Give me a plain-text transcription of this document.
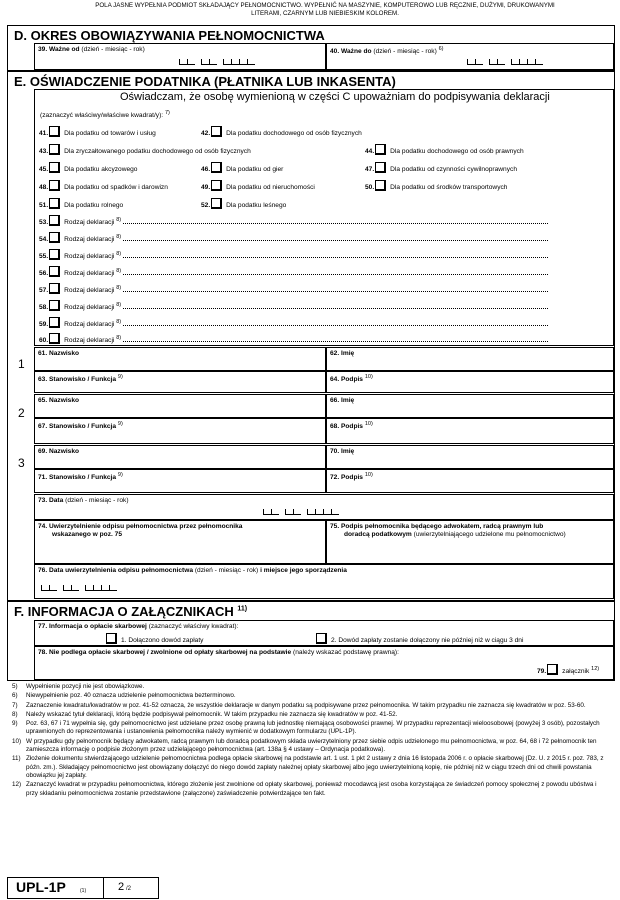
POLA JASNE WYPEŁNIA PODMIOT SKŁADAJĄCY PEŁNOMOCNICTWO. WYPEŁNIĆ NA MASZYNIE, KOMPUTEROWO LUB RĘCZNIE, DUŻYMI, DRUKOWANYMI LITERAMI, CZARNYM LUB NIEBIESKIM KOLOREM.
D. OKRES OBOWIĄZYWANIA PEŁNOMOCNICTWA
39. Ważne od (dzień - miesiąc - rok)	40. Ważne do (dzień - miesiąc - rok) $^{6)}$
E. OŚWIADCZENIE PODATNIKA (PŁATNIKA LUB INKASENTA)
Oświadczam, że osobę wymienioną w części C upoważniam do podpisywania deklaracji
(zaznaczyć właściwy/właściwe kwadrat/y): $^{7)}$
41. Dla podatku od towarów i usług	42. Dla podatku dochodowego od osób fizycznych
43. Dla zryczałtowanego podatku dochodowego od osób fizycznych	44. Dla podatku dochodowego od osób prawnych
45. Dla podatku akcyzowego	46. Dla podatku od gier	47. Dla podatku od czynności cywilnoprawnych
48. Dla podatku od spadków i darowizn	49. Dla podatku od nieruchomości	50. Dla podatku od środków transportowych
51. Dla podatku rolnego	52. Dla podatku leśnego
53. Rodzaj deklaracji $^{8)}$
54. Rodzaj deklaracji $^{8)}$
55. Rodzaj deklaracji $^{8)}$
56. Rodzaj deklaracji $^{8)}$
57. Rodzaj deklaracji $^{8)}$
58. Rodzaj deklaracji $^{8)}$
59. Rodzaj deklaracji $^{8)}$
60. Rodzaj deklaracji $^{8)}$
1
61. Nazwisko	62. Imię
63. Stanowisko / Funkcja $^{9)}$	64. Podpis $^{10)}$
2
65. Nazwisko	66. Imię
67. Stanowisko / Funkcja $^{9)}$	68. Podpis $^{10)}$
3
69. Nazwisko	70. Imię
71. Stanowisko / Funkcja $^{9)}$	72. Podpis $^{10)}$
73. Data (dzień - miesiąc - rok)
74. Uwierzytelnienie odpisu pełnomocnictwa przez pełnomocnika
wskazanego w poz. 75
75. Podpis pełnomocnika będącego adwokatem, radcą prawnym lub
doradcą podatkowym (uwierzytelniającego udzielone mu pełnomocnictwo)
76. Data uwierzytelnienia odpisu pełnomocnictwa (dzień - miesiąc - rok) i miejsce jego sporządzenia
F. INFORMACJA O ZAŁĄCZNIKACH $^{11)}$
77. Informacja o opłacie skarbowej (zaznaczyć właściwy kwadrat):
1. Dołączono dowód zapłaty	2. Dowód zapłaty zostanie dołączony nie później niż w ciągu 3 dni
78. Nie podlega opłacie skarbowej / zwolnione od opłaty skarbowej na podstawie (należy wskazać podstawę prawną):
79. załącznik $^{12)}$
5) Wypełnienie pozycji nie jest obowiązkowe.
6) Niewypełnienie poz. 40 oznacza udzielenie pełnomocnictwa bezterminowo.
7) Zaznaczenie kwadratu/kwadratów w poz. 41-52 oznacza, że wszystkie deklaracje w danym podatku są podpisywane przez pełnomocnika. W takim przypadku nie zaznacza się kwadratów w poz. 53-60.
8) Należy wskazać tytuł deklaracji, którą będzie podpisywał pełnomocnik. W takim przypadku nie zaznacza się kwadratów w poz. 41-52.
9) Poz. 63, 67 i 71 wypełnia się, gdy pełnomocnictwo jest udzielane przez osobę prawną lub jednostkę niemającą osobowości prawnej. W przypadku reprezentacji wieloosobowej (powyżej 3 osób), pozostałych uprawnionych do reprezentowania i ustanowienia pełnomocnika należy wymienić w dodatkowym formularzu (UPL-1P).
10) W przypadku gdy pełnomocnik będący adwokatem, radcą prawnym lub doradcą podatkowym składa uwierzytelniony przez siebie odpis udzielonego mu pełnomocnictwa, w poz. 64, 68 i 72 pełnomocnik ten zamieszcza informację o podpisie złożonym przez udzielającego pełnomocnictwa (art. 138a § 4 ustawy – Ordynacja podatkowa).
11) Złożenie dokumentu stwierdzającego udzielenie pełnomocnictwa podlega opłacie skarbowej na podstawie art. 1 ust. 1 pkt 2 ustawy z dnia 16 listopada 2006 r. o opłacie skarbowej (Dz. U. z 2015 r. poz. 783, z późn. zm.). Składający pełnomocnictwo jest obowiązany dołączyć do niego dowód zapłaty należnej opłaty skarbowej albo jego uwierzytelnioną kopię, nie później niż w ciągu trzech dni od chwili powstania obowiązku jej zapłaty.
12) Zaznaczyć kwadrat w przypadku pełnomocnictwa, którego złożenie jest zwolnione od opłaty skarbowej, ponieważ mocodawcą jest osoba korzystająca ze świadczeń pomocy społecznej z powodu ubóstwa i przy składaniu pełnomocnictwa zostanie przedstawione (załączone) zaświadczenie potwierdzające ten fakt.
UPL-1P	(1)	2 /2
